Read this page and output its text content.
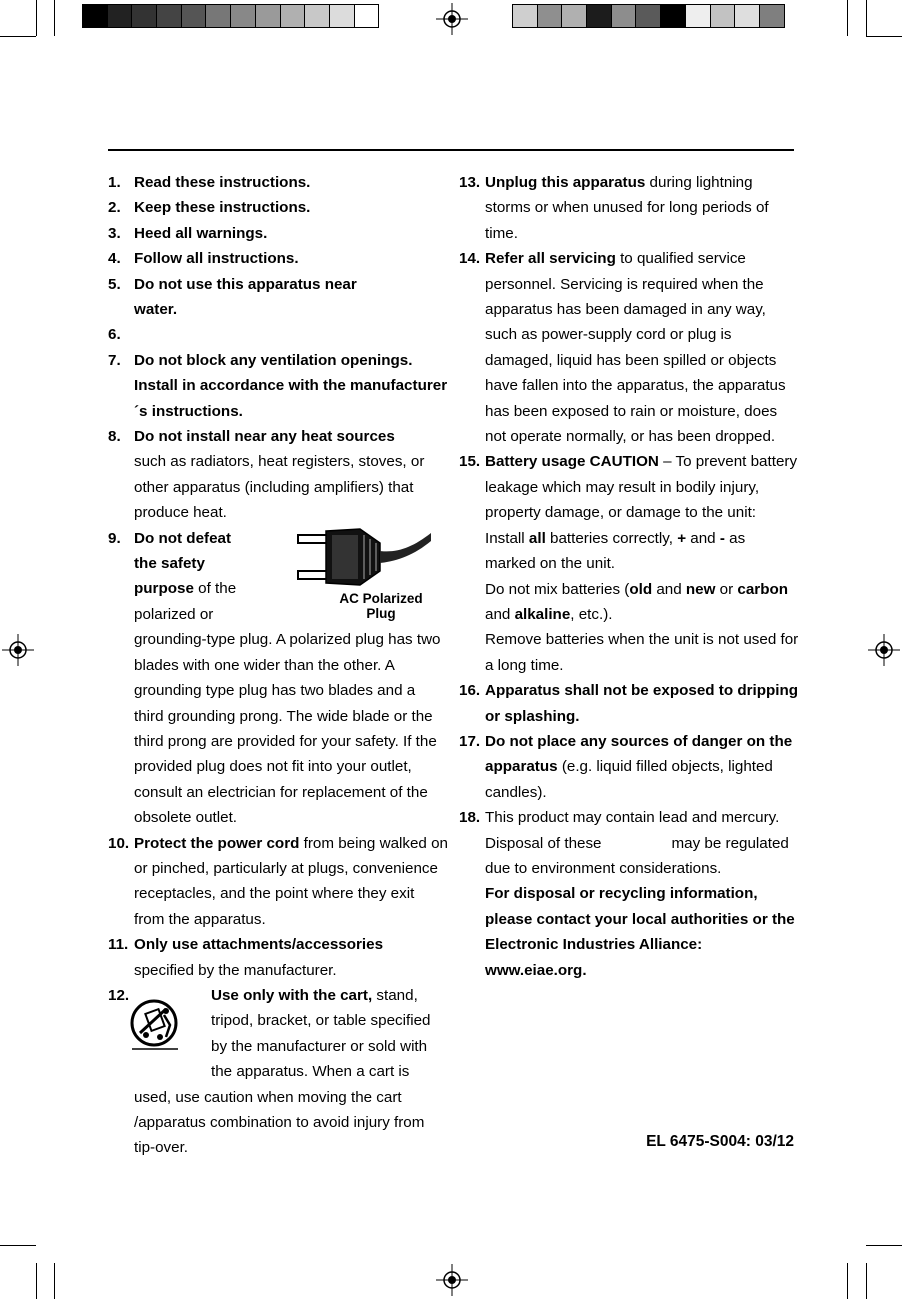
1. Read these instructions.
2. Keep these instructions.
3. Heed all warnings.
4. Follow all instructions.
5. Do not use this apparatus near water.
6.
7. Do not block any ventilation openings. Install in accordance with the manufacturer´s instructions.
8. Do not install near any heat sources
such as radiators, heat registers, stoves, or other apparatus (including amplifiers) that produce heat.
9. Do not defeat the safety purpose of the polarized or
grounding-type plug. A polarized plug has two blades with one wider than the other. A grounding type plug has two blades and a third grounding prong. The wide blade or the third prong are provided for your safety. If the provided plug does not fit into your outlet, consult an electrician for replacement of the obsolete outlet.
10. Protect the power cord from being walked on or pinched, particularly at plugs, convenience receptacles, and the point where they exit from the apparatus.
11. Only use attachments/accessories
specified by the manufacturer.
12.	Use only with the cart, stand, tripod, bracket, or table specified by the manufacturer or sold with the apparatus. When a cart is
used, use caution when moving the cart /apparatus combination to avoid injury from tip-over.
AC Polarized Plug
13. Unplug this apparatus during lightning storms or when unused for long periods of time.
14. Refer all servicing to qualified service personnel. Servicing is required when the apparatus has been damaged in any way, such as power-supply cord or plug is damaged, liquid has been spilled or objects have fallen into the apparatus, the apparatus has been exposed to rain or moisture, does not operate normally, or has been dropped.
15. Battery usage CAUTION – To prevent battery leakage which may result in bodily injury, property damage, or damage to the unit:
Install all batteries correctly, + and - as marked on the unit.
Do not mix batteries (old and new or carbon and alkaline, etc.).
Remove batteries when the unit is not used for a long time.
16. Apparatus shall not be exposed to dripping or splashing.
17. Do not place any sources of danger on the apparatus (e.g. liquid filled objects, lighted candles).
18. This product may contain lead and mercury. Disposal of these	may be regulated due to environment considerations.
For disposal or recycling information, please contact your local authorities or the Electronic Industries Alliance: www.eiae.org.
EL 6475-S004: 03/12
